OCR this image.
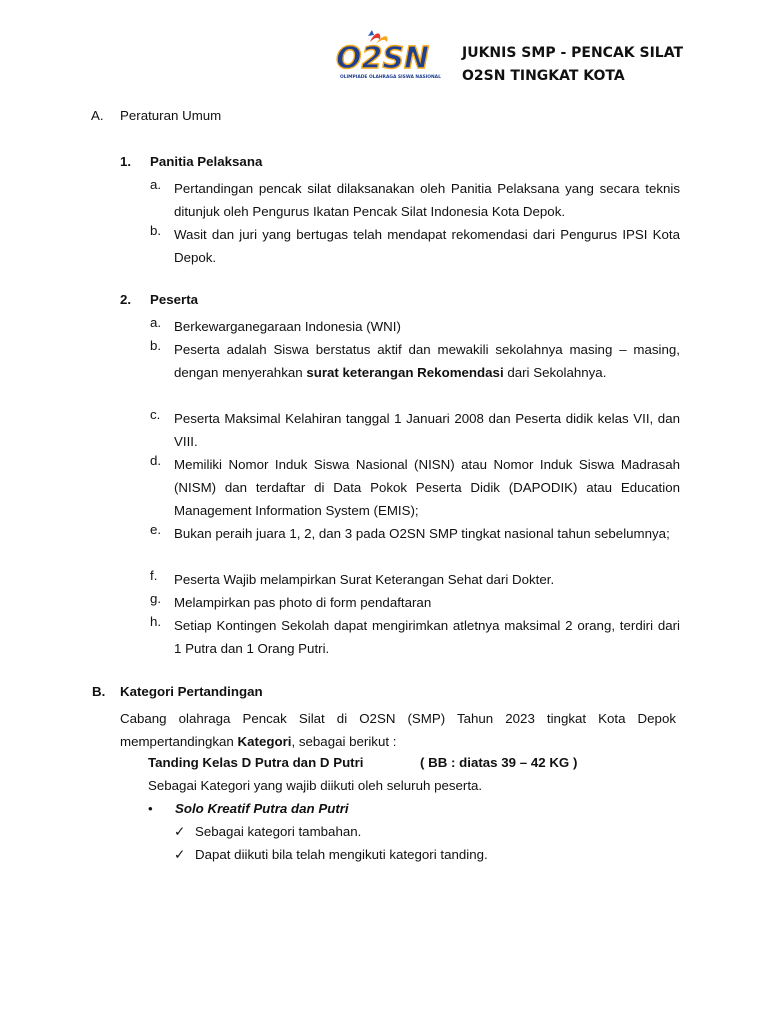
O2SN
OLIMPIADE OLAHRAGA SISWA NASIONAL
JUKNIS SMP - PENCAK SILAT
O2SN TINGKAT KOTA
A. Peraturan Umum
1. Panitia Pelaksana
a. Pertandingan pencak silat dilaksanakan oleh Panitia Pelaksana yang secara teknis ditunjuk oleh Pengurus Ikatan Pencak Silat Indonesia Kota Depok.
b. Wasit dan juri yang bertugas telah mendapat rekomendasi dari Pengurus IPSI Kota Depok.
2. Peserta
a. Berkewarganegaraan Indonesia (WNI)
b. Peserta adalah Siswa berstatus aktif dan mewakili sekolahnya masing – masing, dengan menyerahkan surat keterangan Rekomendasi dari Sekolahnya.
c.	Peserta Maksimal Kelahiran tanggal 1 Januari 2008 dan Peserta didik kelas VII, dan VIII.
d. Memiliki Nomor Induk Siswa Nasional (NISN) atau Nomor Induk Siswa Madrasah (NISM) dan terdaftar di Data Pokok Peserta Didik (DAPODIK) atau Education Management Information System (EMIS);
e. Bukan peraih juara 1, 2, dan 3 pada O2SN SMP tingkat nasional tahun sebelumnya;
f.	Peserta Wajib melampirkan Surat Keterangan Sehat dari Dokter.
g. Melampirkan pas photo di form pendaftaran
h. Setiap Kontingen Sekolah dapat mengirimkan atletnya maksimal 2 orang, terdiri dari 1 Putra dan 1 Orang Putri.
B. Kategori Pertandingan
Cabang olahraga Pencak Silat di O2SN (SMP) Tahun 2023 tingkat Kota Depok mempertandingkan Kategori, sebagai berikut :
Tanding Kelas D Putra dan D Putri	( BB : diatas 39 – 42 KG )
Sebagai Kategori yang wajib diikuti oleh seluruh peserta.
• Solo Kreatif Putra dan Putri
✓ Sebagai kategori tambahan.
✓ Dapat diikuti bila telah mengikuti kategori tanding.
